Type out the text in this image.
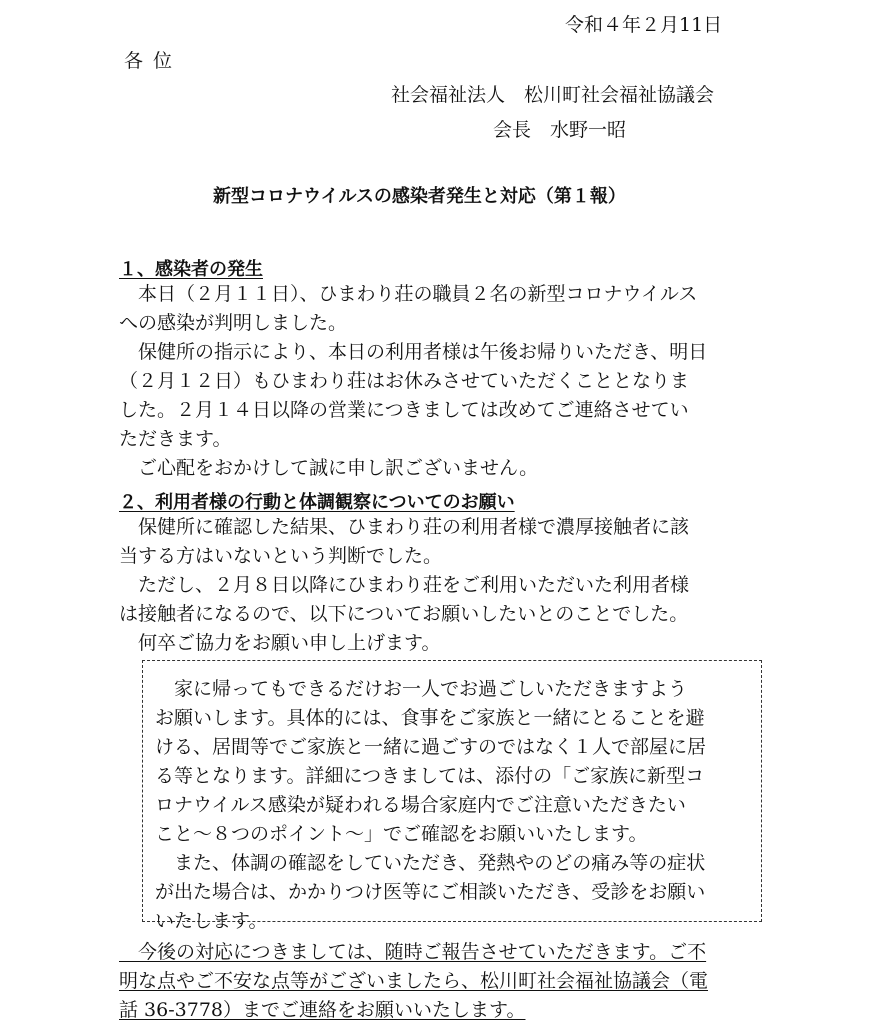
令和４年２月11日
各位
社会福祉法人　松川町社会福祉協議会
会長　水野一昭
新型コロナウイルスの感染者発生と対応（第１報）
１、感染者の発生
　本日（２月１１日）、ひまわり荘の職員２名の新型コロナウイルス
への感染が判明しました。
　保健所の指示により、本日の利用者様は午後お帰りいただき、明日
（２月１２日）もひまわり荘はお休みさせていただくこととなりま
した。２月１４日以降の営業につきましては改めてご連絡させてい
ただきます。
　ご心配をおかけして誠に申し訳ございません。
２、利用者様の行動と体調観察についてのお願い
　保健所に確認した結果、ひまわり荘の利用者様で濃厚接触者に該
当する方はいないという判断でした。
　ただし、２月８日以降にひまわり荘をご利用いただいた利用者様
は接触者になるので、以下についてお願いしたいとのことでした。
　何卒ご協力をお願い申し上げます。
　家に帰ってもできるだけお一人でお過ごしいただきますよう
お願いします。具体的には、食事をご家族と一緒にとることを避
ける、居間等でご家族と一緒に過ごすのではなく１人で部屋に居
る等となります。詳細につきましては、添付の「ご家族に新型コ
ロナウイルス感染が疑われる場合家庭内でご注意いただきたい
こと～８つのポイント～」でご確認をお願いいたします。
　また、体調の確認をしていただき、発熱やのどの痛み等の症状
が出た場合は、かかりつけ医等にご相談いただき、受診をお願い
いたします。
　今後の対応につきましては、随時ご報告させていただきます。ご不
明な点やご不安な点等がございましたら、松川町社会福祉協議会（電
話 36-3778）までご連絡をお願いいたします。
